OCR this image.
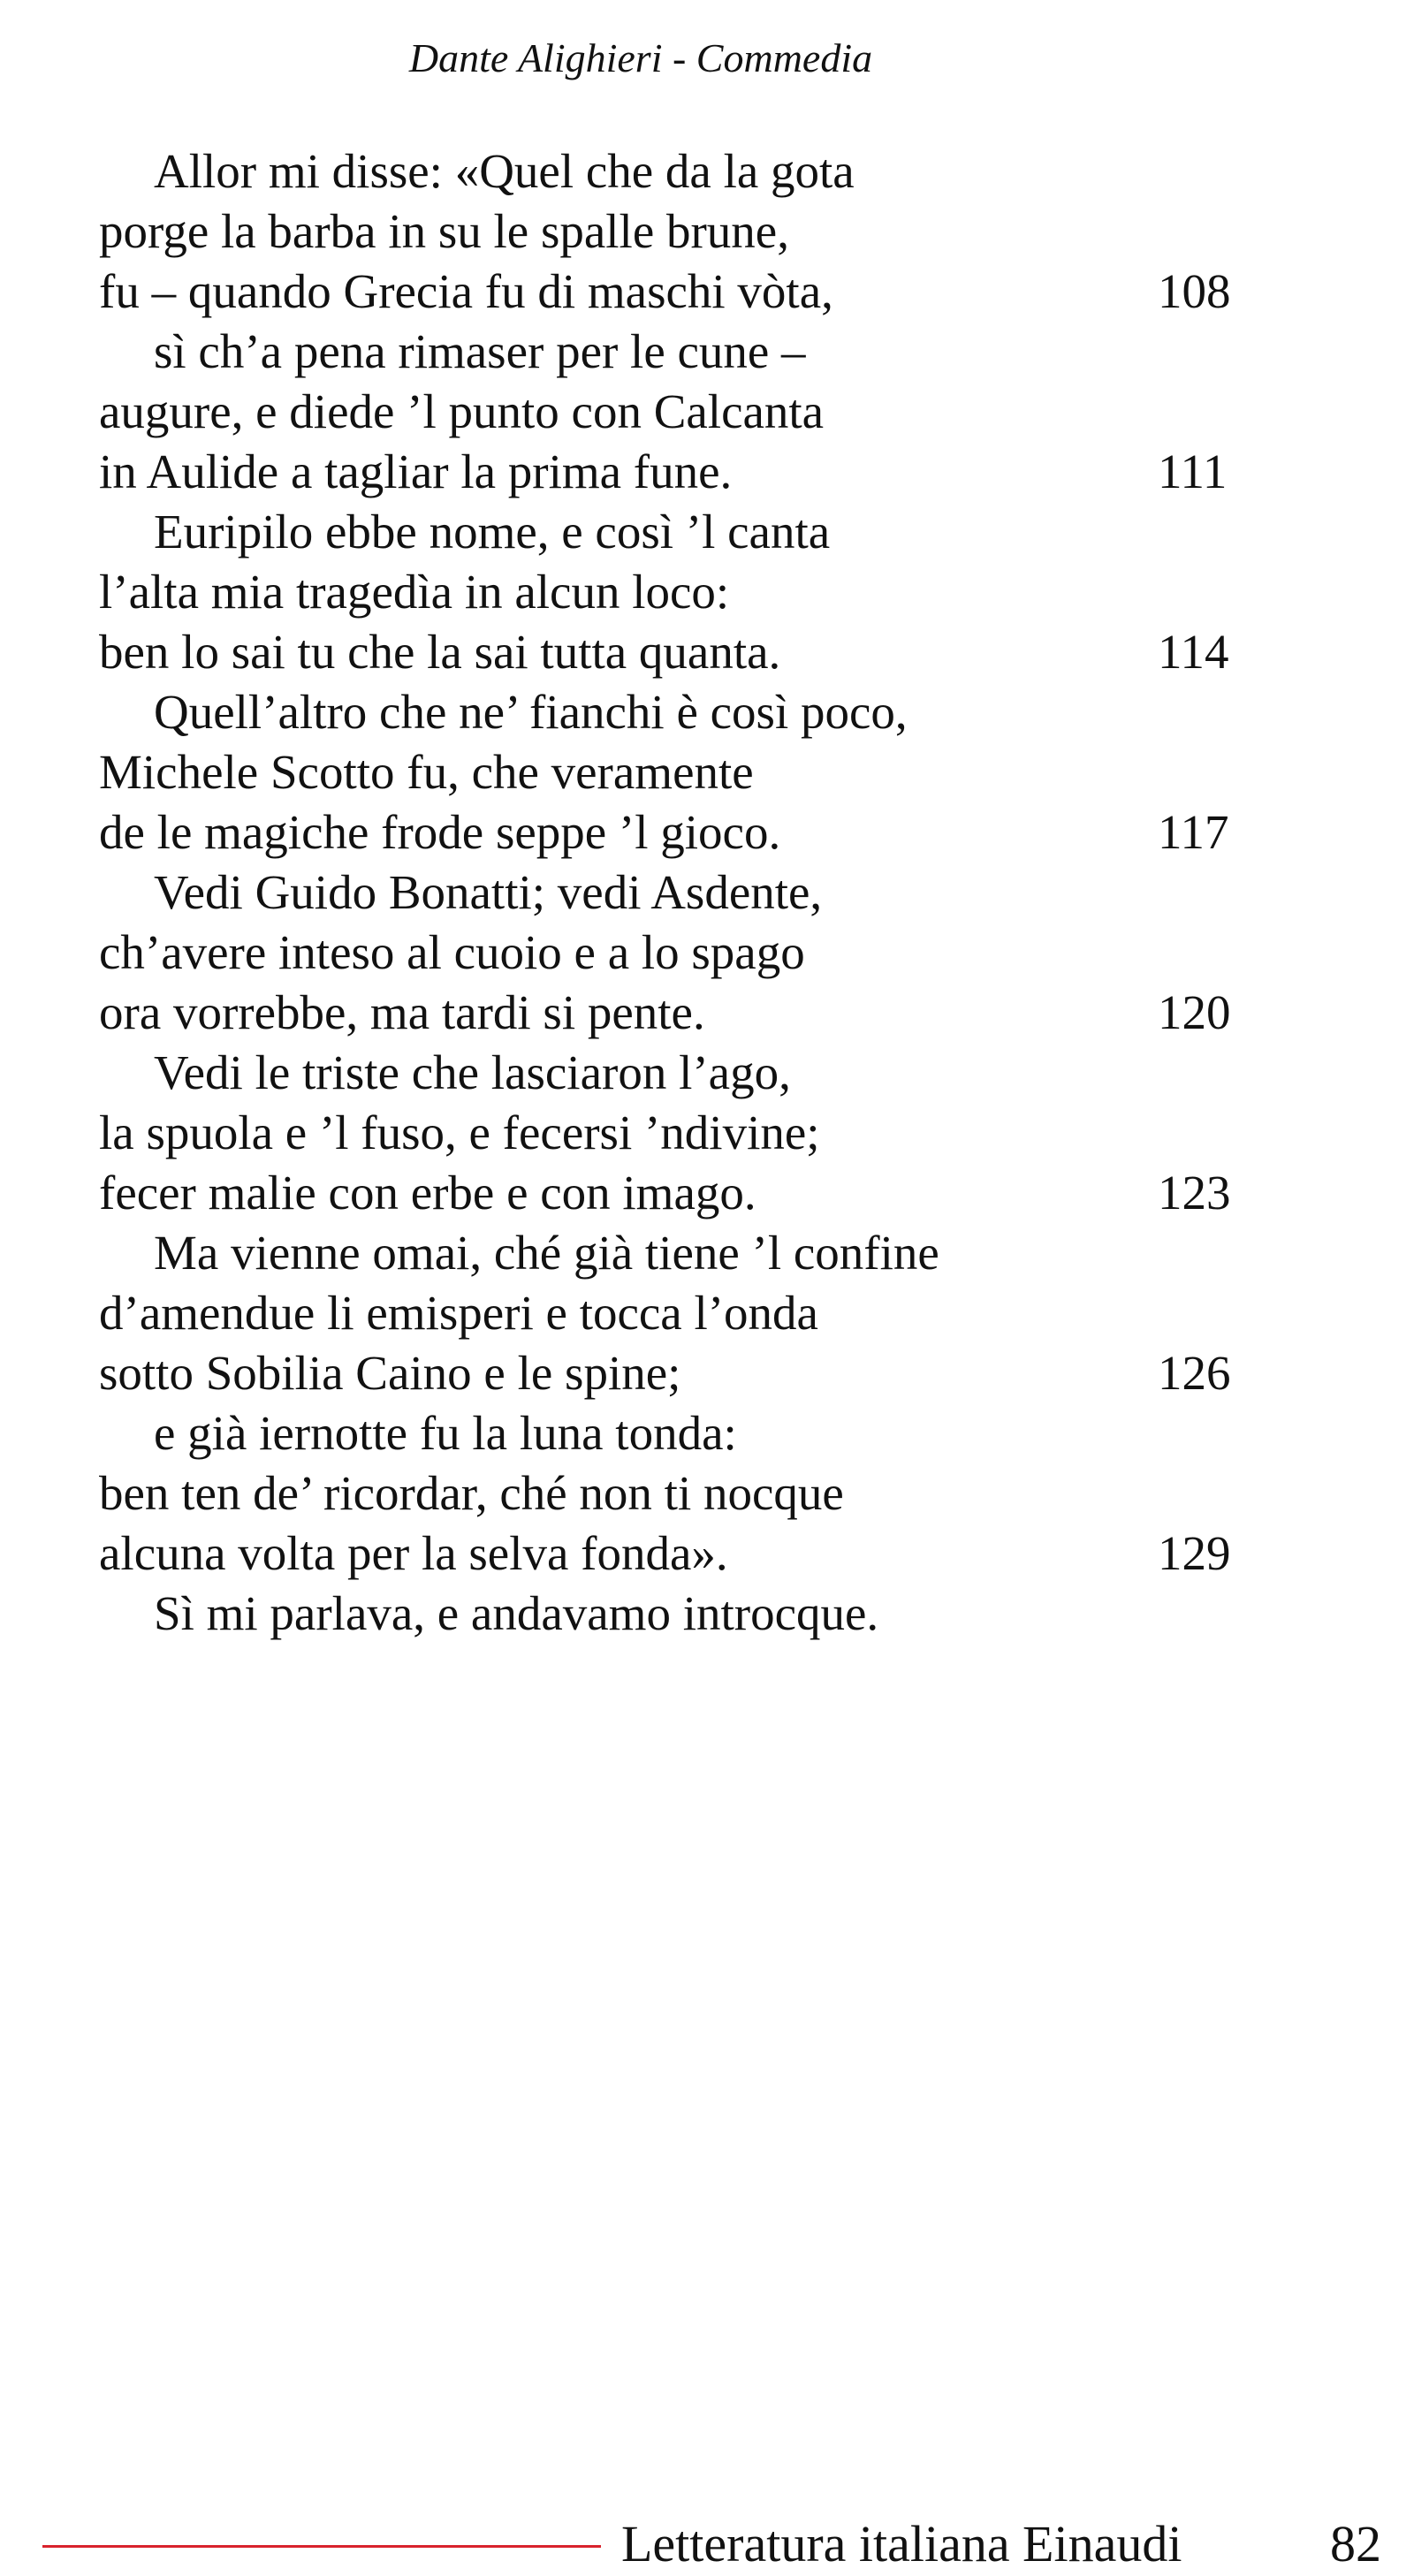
Dante Alighieri - Commedia
Allor mi disse: «Quel che da la gota
porge la barba in su le spalle brune,
fu – quando Grecia fu di maschi vòta,	108
sì ch’a pena rimaser per le cune –
augure, e diede ’l punto con Calcanta
in Aulide a tagliar la prima fune.	111
Euripilo ebbe nome, e così ’l canta
l’alta mia tragedìa in alcun loco:
ben lo sai tu che la sai tutta quanta.	114
Quell’altro che ne’ fianchi è così poco,
Michele Scotto fu, che veramente
de le magiche frode seppe ’l gioco.	117
Vedi Guido Bonatti; vedi Asdente,
ch’avere inteso al cuoio e a lo spago
ora vorrebbe, ma tardi si pente.	120
Vedi le triste che lasciaron l’ago,
la spuola e ’l fuso, e fecersi ’ndivine;
fecer malie con erbe e con imago.	123
Ma vienne omai, ché già tiene ’l confine
d’amendue li emisperi e tocca l’onda
sotto Sobilia Caino e le spine;	126
e già iernotte fu la luna tonda:
ben ten de’ ricordar, ché non ti nocque
alcuna volta per la selva fonda».	129
Sì mi parlava, e andavamo introcque.
Letteratura italiana Einaudi	82
